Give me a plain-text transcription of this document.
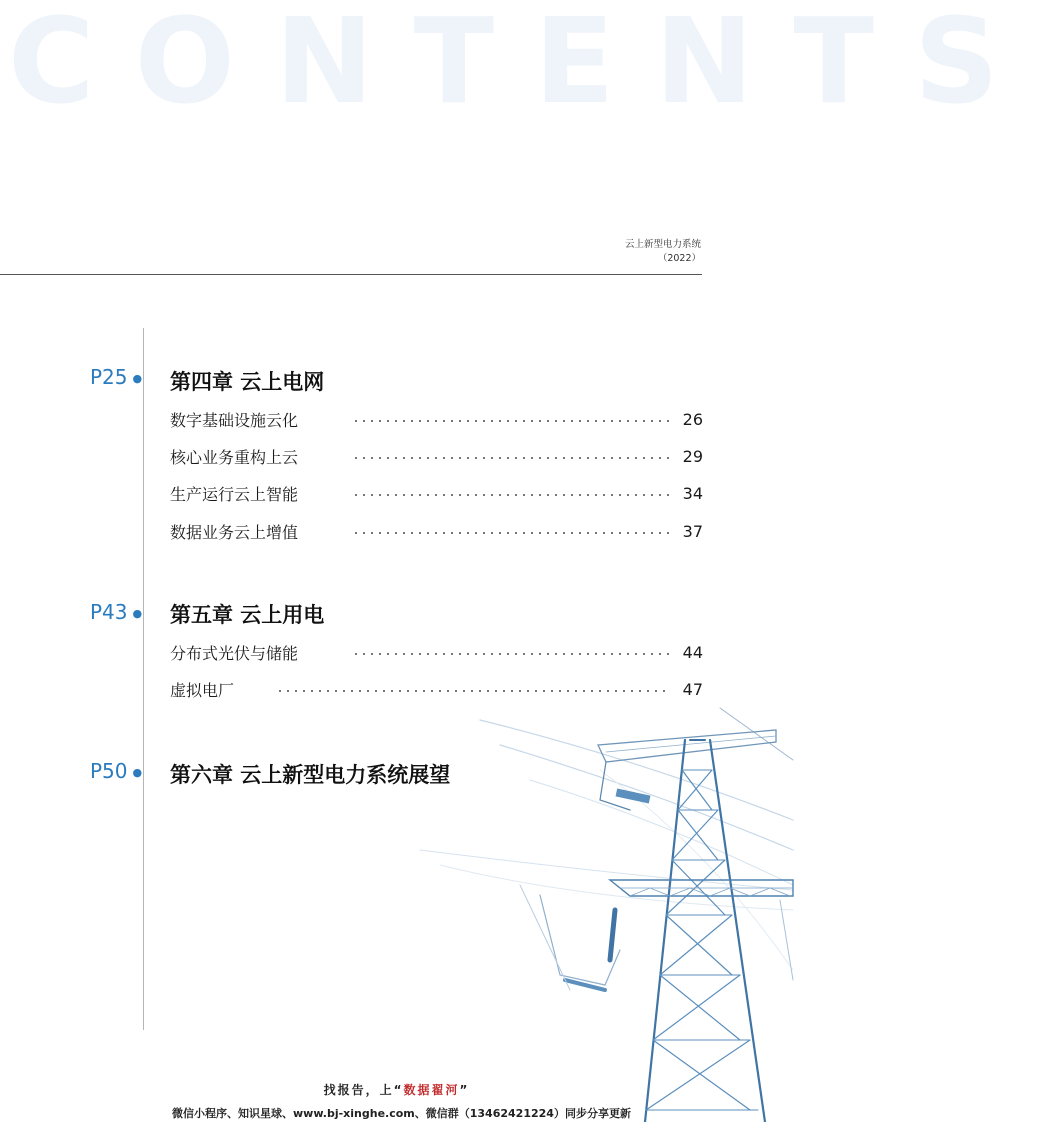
CONTENTS
云上新型电力系统
（2022）
P25 ● 第四章 云上电网
数字基础设施云化	26
核心业务重构上云	29
生产运行云上智能	34
数据业务云上增值	37
P43 ● 第五章 云上用电
分布式光伏与储能	44
虚拟电厂	47
P50 ● 第六章 云上新型电力系统展望
找报告，上“数据翟河”
微信小程序、知识星球、www.bj-xinghe.com、微信群（13462421224）同步分享更新
